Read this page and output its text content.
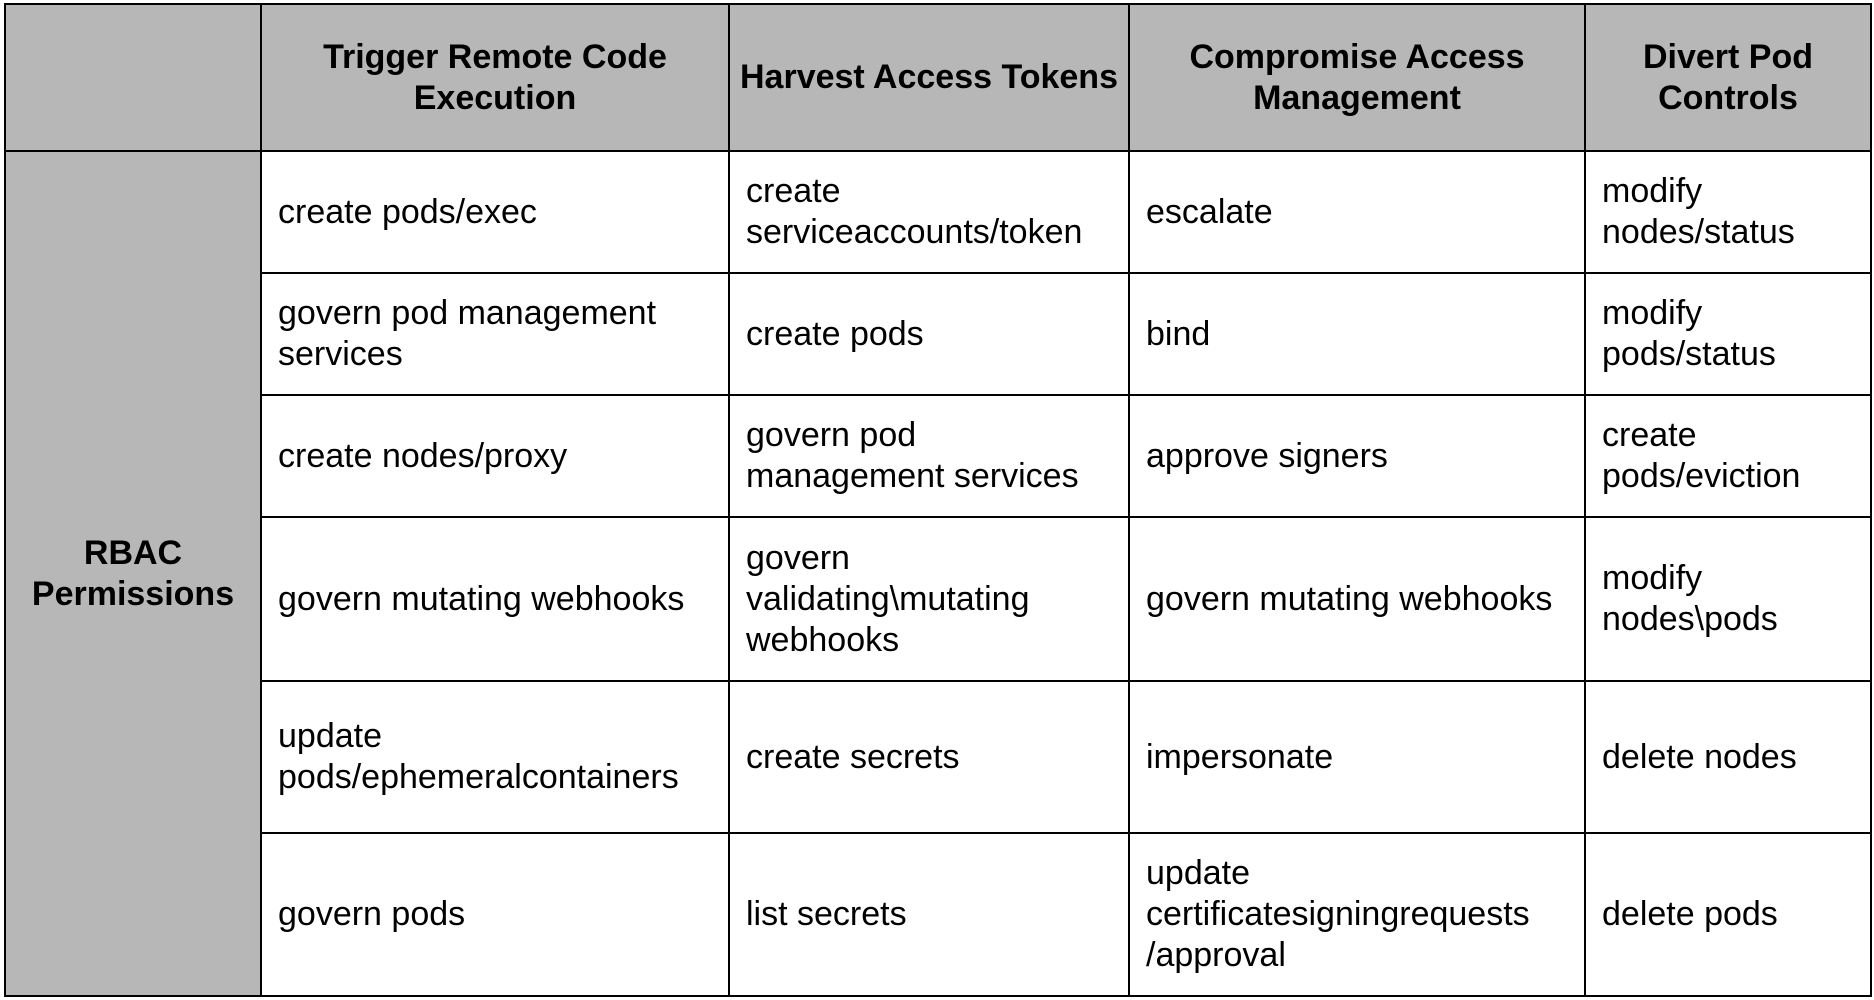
	Trigger Remote Code Execution	Harvest Access Tokens	Compromise Access Management	Divert Pod Controls
RBAC Permissions	create pods/exec	create serviceaccounts/token	escalate	modify nodes/status
	govern pod management services	create pods	bind	modify pods/status
	create nodes/proxy	govern pod management services	approve signers	create pods/eviction
	govern mutating webhooks	govern validating\mutating webhooks	govern mutating webhooks	modify nodes\pods
	update pods/ephemeralcontainers	create secrets	impersonate	delete nodes
	govern pods	list secrets	update certificatesigningrequests /approval	delete pods
